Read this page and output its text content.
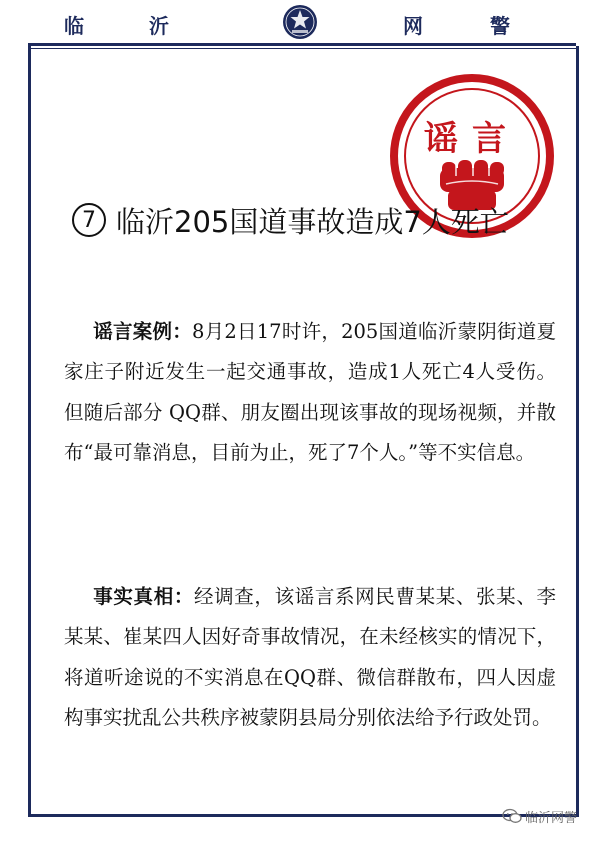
临	沂	网	警
谣言
7 临沂205国道事故造成7人死亡

谣言案例：8月2日17时许，205国道临沂蒙阴街道夏家庄子附近发生一起交通事故，造成1人死亡4人受伤。但随后部分 QQ群、朋友圈出现该事故的现场视频，并散布“最可靠消息，目前为止，死了7个人。”等不实信息。

事实真相：经调查，该谣言系网民曹某某、张某、李某某、崔某四人因好奇事故情况，在未经核实的情况下，将道听途说的不实消息在QQ群、微信群散布，四人因虚构事实扰乱公共秩序被蒙阴县局分别依法给予行政处罚。

临沂网警
